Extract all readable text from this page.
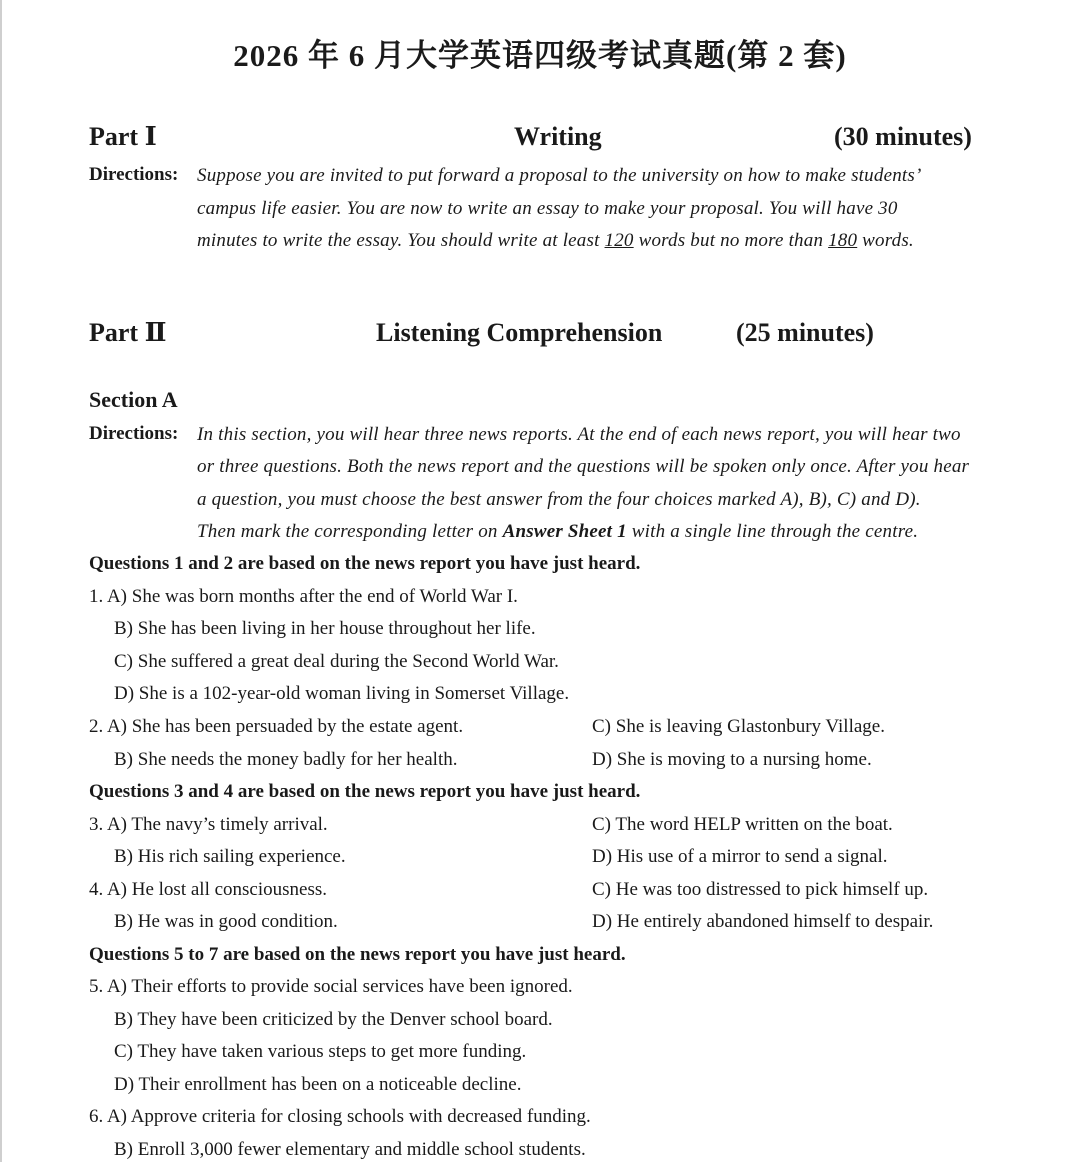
2026 年 6 月大学英语四级考试真题(第 2 套)
Part Ⅰ	Writing	(30 minutes)
Directions: Suppose you are invited to put forward a proposal to the university on how to make students’
campus life easier. You are now to write an essay to make your proposal. You will have 30
minutes to write the essay. You should write at least 120 words but no more than 180 words.
Part Ⅱ	Listening Comprehension	(25 minutes)
Section A
Directions: In this section, you will hear three news reports. At the end of each news report, you will hear two
or three questions. Both the news report and the questions will be spoken only once. After you hear
a question, you must choose the best answer from the four choices marked A), B), C) and D).
Then mark the corresponding letter on Answer Sheet 1 with a single line through the centre.
Questions 1 and 2 are based on the news report you have just heard.
1. A) She was born months after the end of World War I.
B) She has been living in her house throughout her life.
C) She suffered a great deal during the Second World War.
D) She is a 102-year-old woman living in Somerset Village.
2. A) She has been persuaded by the estate agent.	C) She is leaving Glastonbury Village.
B) She needs the money badly for her health.	D) She is moving to a nursing home.
Questions 3 and 4 are based on the news report you have just heard.
3. A) The navy’s timely arrival.	C) The word HELP written on the boat.
B) His rich sailing experience.	D) His use of a mirror to send a signal.
4. A) He lost all consciousness.	C) He was too distressed to pick himself up.
B) He was in good condition.	D) He entirely abandoned himself to despair.
Questions 5 to 7 are based on the news report you have just heard.
5. A) Their efforts to provide social services have been ignored.
B) They have been criticized by the Denver school board.
C) They have taken various steps to get more funding.
D) Their enrollment has been on a noticeable decline.
6. A) Approve criteria for closing schools with decreased funding.
B) Enroll 3,000 fewer elementary and middle school students.
